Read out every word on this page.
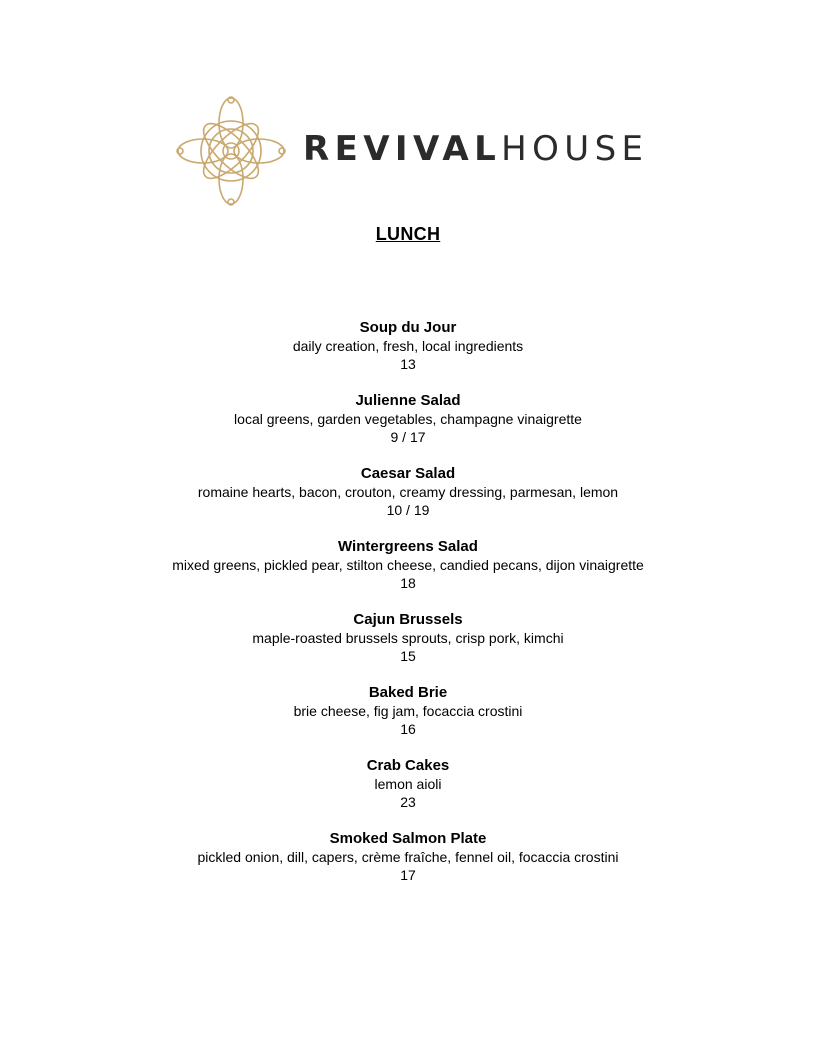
REVIVALHOUSE
LUNCH
Soup du Jour
daily creation, fresh, local ingredients
13
Julienne Salad
local greens, garden vegetables, champagne vinaigrette
9 / 17
Caesar Salad
romaine hearts, bacon, crouton, creamy dressing, parmesan, lemon
10 / 19
Wintergreens Salad
mixed greens, pickled pear, stilton cheese, candied pecans, dijon vinaigrette
18
Cajun Brussels
maple-roasted brussels sprouts, crisp pork, kimchi
15
Baked Brie
brie cheese, fig jam, focaccia crostini
16
Crab Cakes
lemon aioli
23
Smoked Salmon Plate
pickled onion, dill, capers, crème fraîche, fennel oil, focaccia crostini
17
